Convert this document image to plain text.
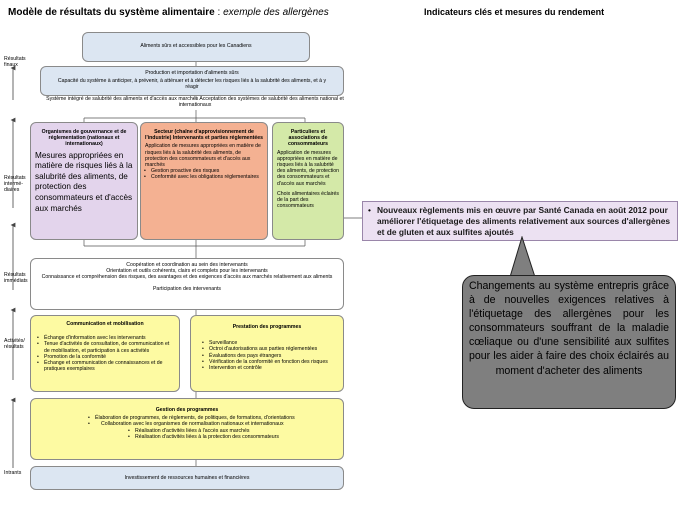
Modèle de résultats du système alimentaire : exemple des allergènes	Indicateurs clés et mesures du rendement
Résultats finaux
Résultats intermé- diaires
Résultats immédiats
Activités/ résultats
Intrants
Aliments sûrs et accessibles pour les Canadiens
Production et importation d'aliments sûrs
Capacité du système à anticiper, à prévenir, à atténuer et à détecter les risques liés à la salubrité des aliments, et à y réagir
Système intégré de salubrité des aliments et d'accès aux marchés Acceptation des systèmes de salubrité des aliments national et internationaux
Organismes de gouvernance et de réglementation (nationaux et internationaux)
Mesures appropriées en matière de risques liés à la salubrité des aliments, de protection des consommateurs et d'accès aux marchés
Secteur (chaîne d'approvisionnement de l'industrie) Intervenants et parties réglementées
Application de mesures appropriées en matière de risques liés à la salubrité des aliments, de protection des consommateurs et d'accès aux marchés
• Gestion proactive des risques
• Conformité avec les obligations réglementaires
Particuliers et associations de consommateurs
Application de mesures appropriées en matière de risques liés à la salubrité des aliments, de protection des consommateurs et d'accès aux marchés
Choix alimentaires éclairés de la part des consommateurs	Nouveaux règlements mis en œuvre par Santé Canada en août 2012 pour améliorer l'étiquetage des aliments relativement aux sources d'allergènes et de gluten et aux sulfites ajoutés
•
Changements au système entrepris grâce à de nouvelles exigences relatives à l'étiquetage des allergènes pour les consommateurs souffrant de la maladie cœliaque ou d'une sensibilité aux sulfites pour les aider à faire des choix éclairés au moment d'acheter des aliments
Coopération et coordination au sein des intervenants
Orientation et outils cohérents, clairs et complets pour les intervenants
Connaissance et compréhension des risques, des avantages et des exigences d'accès aux marchés relativement aux aliments
Participation des intervenants
Communication et mobilisation
• Échange d'information avec les intervenants
• Tenue d'activités de consultation, de communication et de mobilisation, et participation à ces activités
• Promotion de la conformité
• Échange et communication de connaissances et de pratiques exemplaires
Prestation des programmes
• Surveillance
• Octroi d'autorisations aux parties réglementées
• Évaluations des pays étrangers
• Vérification de la conformité en fonction des risques
• Intervention et contrôle
Gestion des programmes
• Élaboration de programmes, de règlements, de politiques, de formations, d'orientations
• Collaboration avec les organismes de normalisation nationaux et internationaux
• Réalisation d'activités liées à l'accès aux marchés
• Réalisation d'activités liées à la protection des consommateurs
Investissement de ressources humaines et financières
